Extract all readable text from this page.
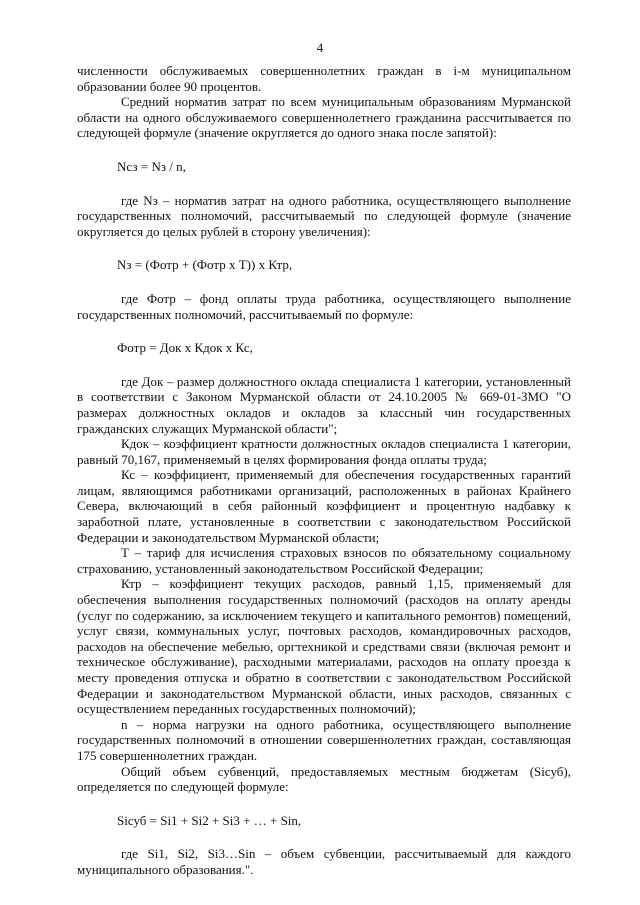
4

численности обслуживаемых совершеннолетних граждан в i-м муниципальном образовании более 90 процентов.

Средний норматив затрат по всем муниципальным образованиям Мурманской области на одного обслуживаемого совершеннолетнего гражданина рассчитывается по следующей формуле (значение округляется до одного знака после запятой):

Nсз = Nз / n,

где Nз – норматив затрат на одного работника, осуществляющего выполнение государственных полномочий, рассчитываемый по следующей формуле (значение округляется до целых рублей в сторону увеличения):

Nз = (Фотр + (Фотр x Т)) x Ктр,

где Фотр – фонд оплаты труда работника, осуществляющего выполнение государственных полномочий, рассчитываемый по формуле:

Фотр = Док x Кдок x Кс,

где Док – размер должностного оклада специалиста 1 категории, установленный в соответствии с Законом Мурманской области от 24.10.2005 № 669-01-ЗМО "О размерах должностных окладов и окладов за классный чин государственных гражданских служащих Мурманской области";

Кдок – коэффициент кратности должностных окладов специалиста 1 категории, равный 70,167, применяемый в целях формирования фонда оплаты труда;

Кс – коэффициент, применяемый для обеспечения государственных гарантий лицам, являющимся работниками организаций, расположенных в районах Крайнего Севера, включающий в себя районный коэффициент и процентную надбавку к заработной плате, установленные в соответствии с законодательством Российской Федерации и законодательством Мурманской области;

Т – тариф для исчисления страховых взносов по обязательному социальному страхованию, установленный законодательством Российской Федерации;

Ктр – коэффициент текущих расходов, равный 1,15, применяемый для обеспечения выполнения государственных полномочий (расходов на оплату аренды (услуг по содержанию, за исключением текущего и капитального ремонтов) помещений, услуг связи, коммунальных услуг, почтовых расходов, командировочных расходов, расходов на обеспечение мебелью, оргтехникой и средствами связи (включая ремонт и техническое обслуживание), расходными материалами, расходов на оплату проезда к месту проведения отпуска и обратно в соответствии с законодательством Российской Федерации и законодательством Мурманской области, иных расходов, связанных с осуществлением переданных государственных полномочий);

n – норма нагрузки на одного работника, осуществляющего выполнение государственных полномочий в отношении совершеннолетних граждан, составляющая 175 совершеннолетних граждан.

Общий объем субвенций, предоставляемых местным бюджетам (Siсуб), определяется по следующей формуле:

Siсуб = Si1 + Si2 + Si3 + … + Sin,

где Si1, Si2, Si3…Sin – объем субвенции, рассчитываемый для каждого муниципального образования.".
